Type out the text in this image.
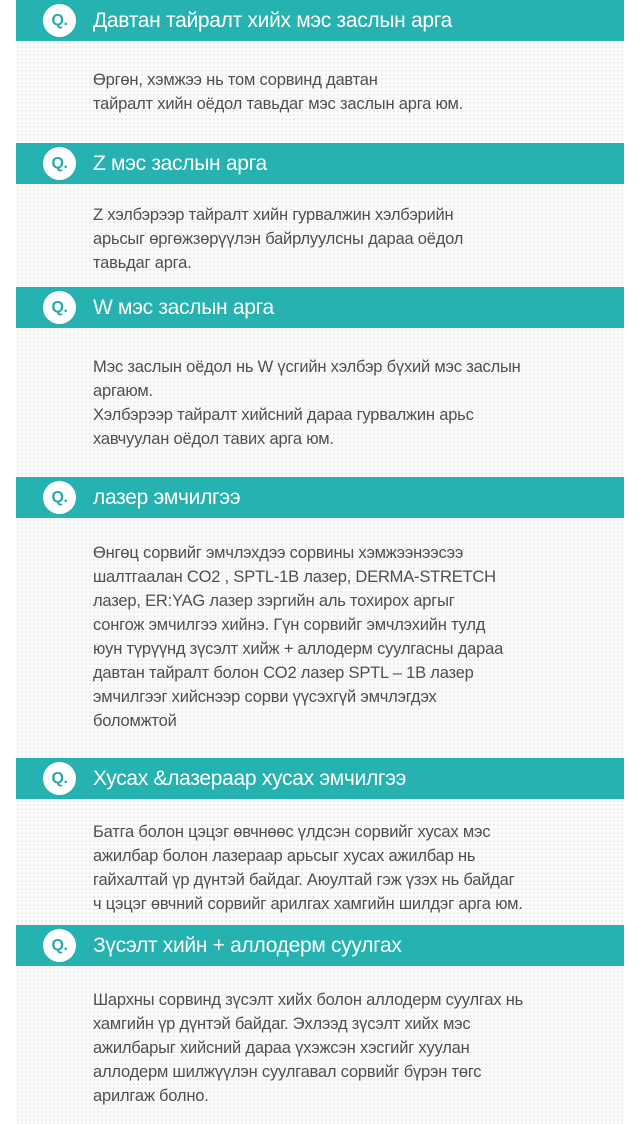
Q.	Давтан тайралт хийх мэс заслын арга
Өргөн, хэмжээ нь том сорвинд давтан
тайралт хийн оёдол тавьдаг мэс заслын арга юм.
Q.	Z мэс заслын арга
Z хэлбэрээр тайралт хийн гурвалжин хэлбэрийн
арьсыг өргөжзөрүүлэн байрлуулсны дараа оёдол
тавьдаг арга.
Q.	W мэс заслын арга
Мэс заслын оёдол нь W үсгийн хэлбэр бүхий мэс заслын
аргаюм.
Хэлбэрээр тайралт хийсний дараа гурвалжин арьс
хавчуулан оёдол тавих арга юм.
Q.	лазер эмчилгээ
Өнгөц сорвийг эмчлэхдээ сорвины хэмжээнээсээ
шалтгаалан CO2 , SPTL-1B лазер, DERMA-STRETCH
лазер, ER:YAG лазер зэргийн аль тохирох аргыг
сонгож эмчилгээ хийнэ. Гүн сорвийг эмчлэхийн тулд
юун түрүүнд зүсэлт хийж + аллодерм суулгасны дараа
давтан тайралт болон CO2 лазер SPTL – 1B лазер
эмчилгээг хийснээр сорви үүсэхгүй эмчлэгдэх
боломжтой
Q.	Хусах &лазераар хусах эмчилгээ
Батга болон цэцэг өвчнөөс үлдсэн сорвийг хусах мэс
ажилбар болон лазераар арьсыг хусах ажилбар нь
гайхалтай үр дүнтэй байдаг. Аюултай гэж үзэх нь байдаг
ч цэцэг өвчний сорвийг арилгах хамгийн шилдэг арга юм.
Q.	Зүсэлт хийн + аллодерм суулгах
Шархны сорвинд зүсэлт хийх болон аллодерм суулгах нь
хамгийн үр дүнтэй байдаг. Эхлээд зүсэлт хийх мэс
ажилбарыг хийсний дараа үхэжсэн хэсгийг хуулан
аллодерм шилжүүлэн суулгавал сорвийг бүрэн төгс
арилгаж болно.
